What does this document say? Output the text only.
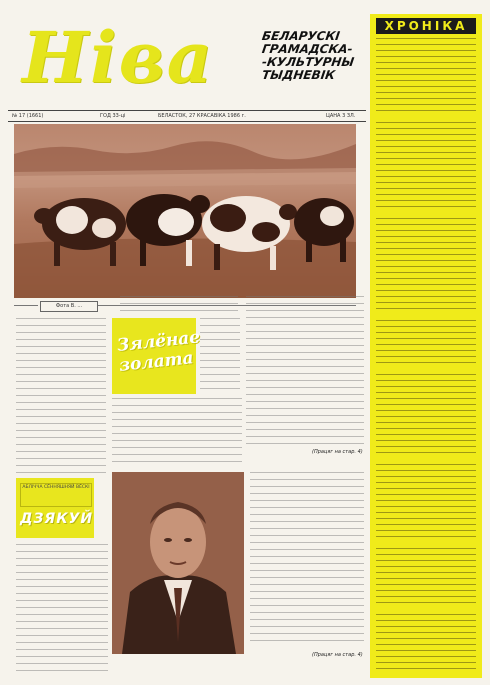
Ніва	БЕЛАРУСКІ
ГРАМАДСКА-
-КУЛЬТУРНЫ
ТЫДНЕВІК
№ 17 (1661)	ГОД 33-ці	БЕЛАСТОК, 27 КРАСАВІКА 1986 г.	ЦАНА 3 ЗЛ.
Фота В. ...
Зялёнае золата
(Працяг на стар. 4)
АБЛІЧЧА СЁННЯШНЯЙ ВЁСКІ
ДЗЯКУЙ
(Працяг на стар. 4)
ХРОНІКА
